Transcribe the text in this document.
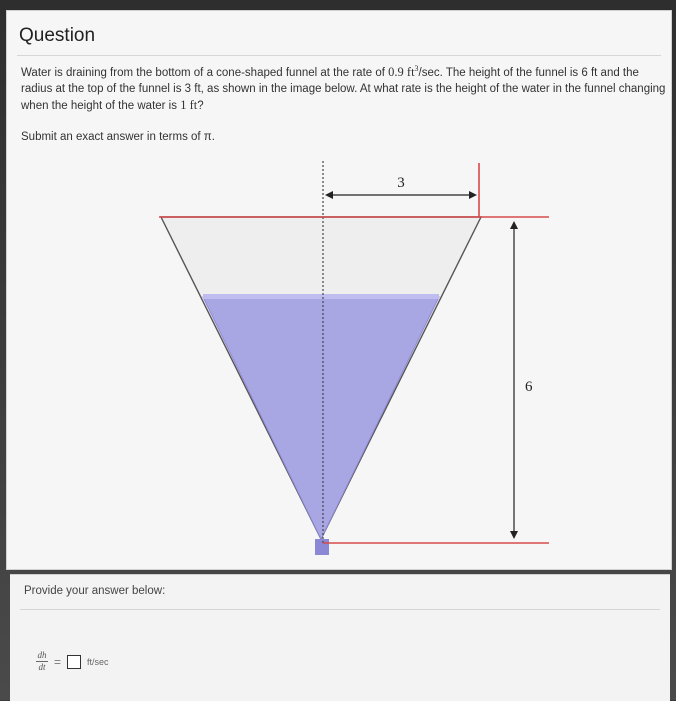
Question
Water is draining from the bottom of a cone-shaped funnel at the rate of 0.9 $ft^3/\sec$. The height of the funnel is 6 ft and the radius at the top of the funnel is 3 ft, as shown in the image below. At what rate is the height of the water in the funnel changing when the height of the water is 1 ft?
Submit an exact answer in terms of π.
3
6
Provide your answer below:
$\frac{dh}{dt}$ =	ft/sec
